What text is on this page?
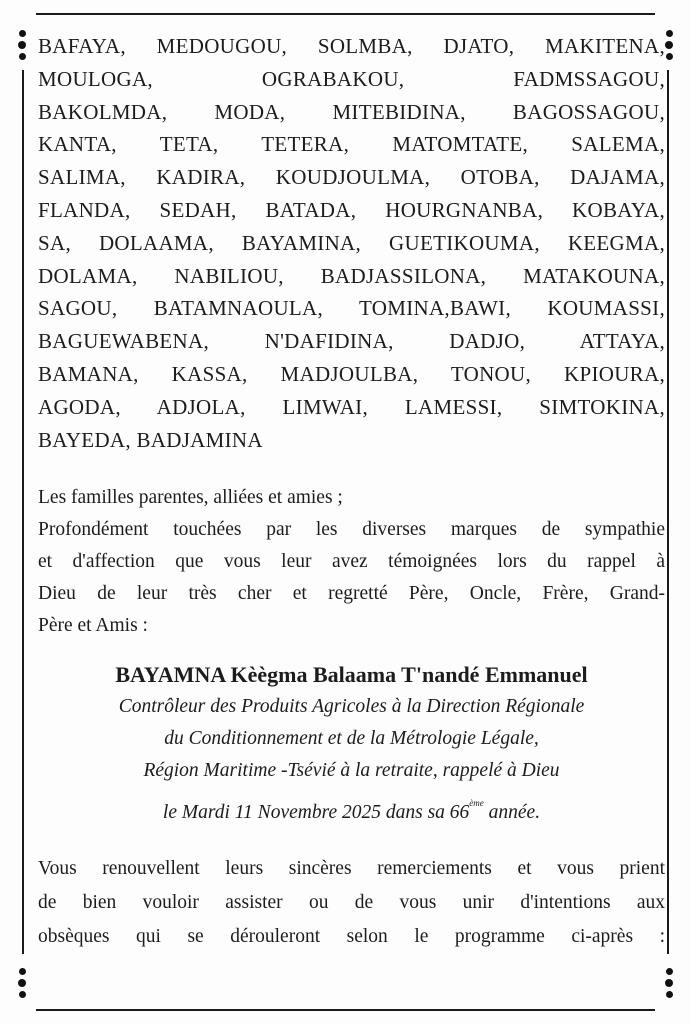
BAFAYA, MEDOUGOU, SOLMBA, DJATO, MAKITENA,

MOULOGA, OGRABAKOU, FADMSSAGOU,

BAKOLMDA, MODA, MITEBIDINA, BAGOSSAGOU,

KANTA, TETA, TETERA, MATOMTATE, SALEMA,

SALIMA, KADIRA, KOUDJOULMA, OTOBA, DAJAMA,

FLANDA, SEDAH, BATADA, HOURGNANBA, KOBAYA,

SA, DOLAAMA, BAYAMINA, GUETIKOUMA, KEEGMA,

DOLAMA, NABILIOU, BADJASSILONA, MATAKOUNA,

SAGOU, BATAMNAOULA, TOMINA,BAWI, KOUMASSI,

BAGUEWABENA, N'DAFIDINA, DADJO, ATTAYA,

BAMANA, KASSA, MADJOULBA, TONOU, KPIOURA,

AGODA, ADJOLA, LIMWAI, LAMESSI, SIMTOKINA,

BAYEDA, BADJAMINA

Les familles parentes, alliées et amies ;

Profondément touchées par les diverses marques de sympathie

et d'affection que vous leur avez témoignées lors du rappel à

Dieu de leur très cher et regretté Père, Oncle, Frère, Grand-

Père et Amis :

BAYAMNA Kèègma Balaama T'nandé Emmanuel

Contrôleur des Produits Agricoles à la Direction Régionale

du Conditionnement et de la Métrologie Légale,

Région Maritime -Tsévié à la retraite, rappelé à Dieu

le Mardi 11 Novembre 2025 dans sa 66ème année.

Vous renouvellent leurs sincères remerciements et vous prient

de bien vouloir assister ou de vous unir d'intentions aux

obsèques qui se dérouleront selon le programme ci-après :
